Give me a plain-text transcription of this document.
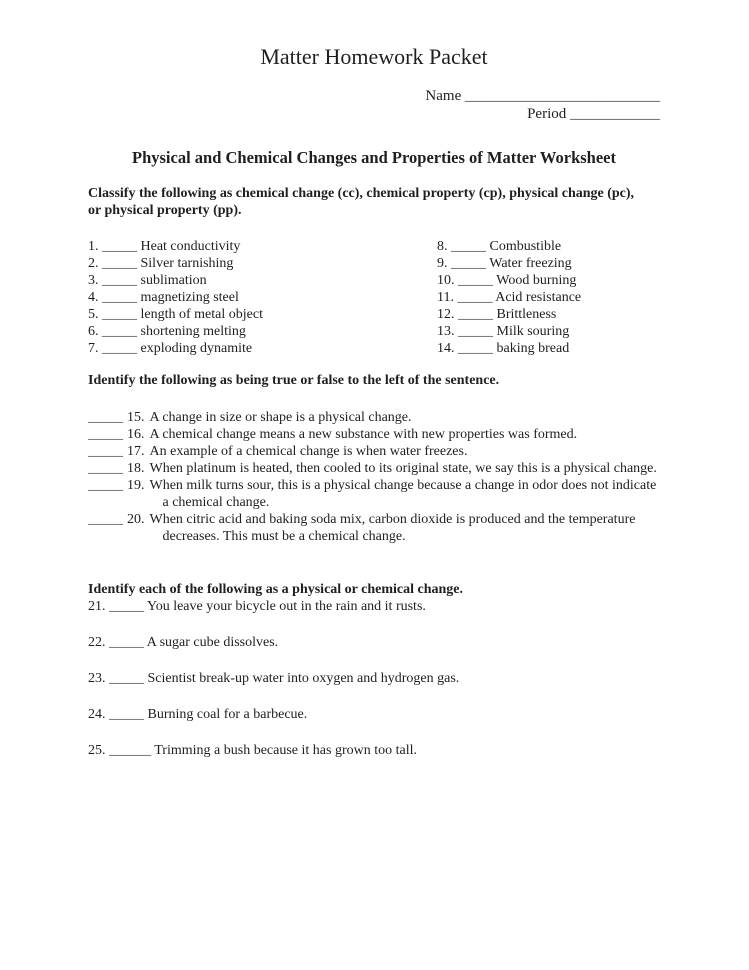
Matter Homework Packet
Name __________________________
Period ____________
Physical and Chemical Changes and Properties of Matter Worksheet

Classify the following as chemical change (cc), chemical property (cp), physical change (pc), or physical property (pp).

1. _____ Heat conductivity
2. _____ Silver tarnishing
3. _____ sublimation
4. _____ magnetizing steel
5. _____ length of metal object
6. _____ shortening melting
7. _____ exploding dynamite
8. _____ Combustible
9. _____ Water freezing
10. _____ Wood burning
11. _____ Acid resistance
12. _____ Brittleness
13. _____ Milk souring
14. _____ baking bread

Identify the following as being true or false to the left of the sentence.

_____ 15. A change in size or shape is a physical change.
_____ 16. A chemical change means a new substance with new properties was formed.
_____ 17. An example of a chemical change is when water freezes.
_____ 18. When platinum is heated, then cooled to its original state, we say this is a physical change.
_____ 19. When milk turns sour, this is a physical change because a change in odor does not indicate a chemical change.
_____ 20. When citric acid and baking soda mix, carbon dioxide is produced and the temperature decreases. This must be a chemical change.

Identify each of the following as a physical or chemical change.

21. _____ You leave your bicycle out in the rain and it rusts.
22. _____ A sugar cube dissolves.
23. _____ Scientist break-up water into oxygen and hydrogen gas.
24. _____ Burning coal for a barbecue.
25. ______ Trimming a bush because it has grown too tall.
